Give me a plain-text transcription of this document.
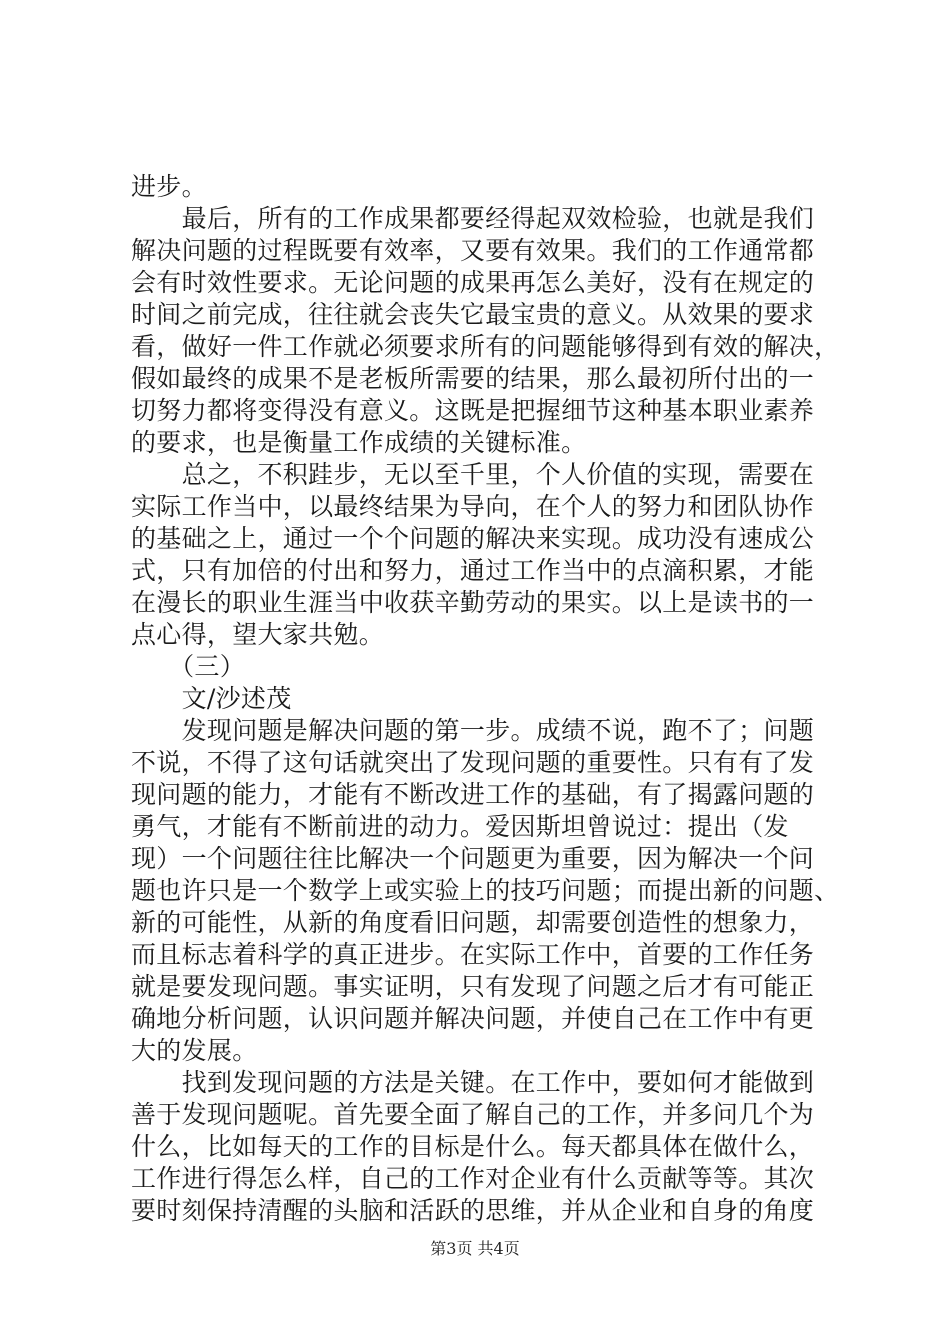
进步。
　　最后，所有的工作成果都要经得起双效检验，也就是我们
解决问题的过程既要有效率，又要有效果。我们的工作通常都
会有时效性要求。无论问题的成果再怎么美好，没有在规定的
时间之前完成，往往就会丧失它最宝贵的意义。从效果的要求
看，做好一件工作就必须要求所有的问题能够得到有效的解决，
假如最终的成果不是老板所需要的结果，那么最初所付出的一
切努力都将变得没有意义。这既是把握细节这种基本职业素养
的要求，也是衡量工作成绩的关键标准。
　　总之，不积跬步，无以至千里，个人价值的实现，需要在
实际工作当中，以最终结果为导向，在个人的努力和团队协作
的基础之上，通过一个个问题的解决来实现。成功没有速成公
式，只有加倍的付出和努力，通过工作当中的点滴积累，才能
在漫长的职业生涯当中收获辛勤劳动的果实。以上是读书的一
点心得，望大家共勉。
　　（三）
　　文/沙述茂
　　发现问题是解决问题的第一步。成绩不说，跑不了；问题
不说，不得了这句话就突出了发现问题的重要性。只有有了发
现问题的能力，才能有不断改进工作的基础，有了揭露问题的
勇气，才能有不断前进的动力。爱因斯坦曾说过：提出（发
现）一个问题往往比解决一个问题更为重要，因为解决一个问
题也许只是一个数学上或实验上的技巧问题；而提出新的问题、
新的可能性，从新的角度看旧问题，却需要创造性的想象力，
而且标志着科学的真正进步。在实际工作中，首要的工作任务
就是要发现问题。事实证明，只有发现了问题之后才有可能正
确地分析问题，认识问题并解决问题，并使自己在工作中有更
大的发展。
　　找到发现问题的方法是关键。在工作中，要如何才能做到
善于发现问题呢。首先要全面了解自己的工作，并多问几个为
什么，比如每天的工作的目标是什么。每天都具体在做什么，
工作进行得怎么样，自己的工作对企业有什么贡献等等。其次
要时刻保持清醒的头脑和活跃的思维，并从企业和自身的角度
第3页 共4页
